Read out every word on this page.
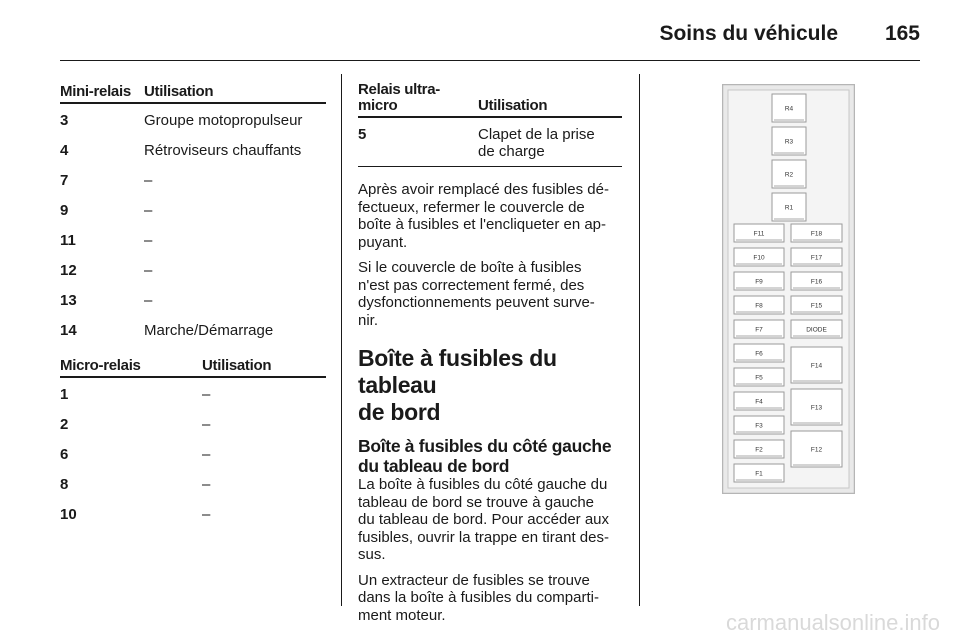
Soins du véhicule 165
Mini-relais	Utilisation

3	Groupe motopropulseur
4	Rétroviseurs chauffants
7	–
9	–
11	–
12	–
13	–
14	Marche/Démarrage
Micro-relais	Utilisation

1	–
2	–
6	–
8	–
10	–
Relais ultra-
micro	Utilisation

5	Clapet de la prise
de charge

Après avoir remplacé des fusibles dé-
fectueux, refermer le couvercle de
boîte à fusibles et l'encliqueter en ap-
puyant.

Si le couvercle de boîte à fusibles
n'est pas correctement fermé, des
dysfonctionnements peuvent surve-
nir.

Boîte à fusibles du tableau
de bord
Boîte à fusibles du côté gauche
du tableau de bord

La boîte à fusibles du côté gauche du
tableau de bord se trouve à gauche
du tableau de bord. Pour accéder aux
fusibles, ouvrir la trappe en tirant des-
sus.

Un extracteur de fusibles se trouve
dans la boîte à fusibles du comparti-
ment moteur.

R4
R3
R2
R1
F11
F10
F9
F8
F7
F6
F5
F4
F3
F2
F1
F18
F17
F16
F15
DIODE
F14
F13
F12
carmanualsonline.info
